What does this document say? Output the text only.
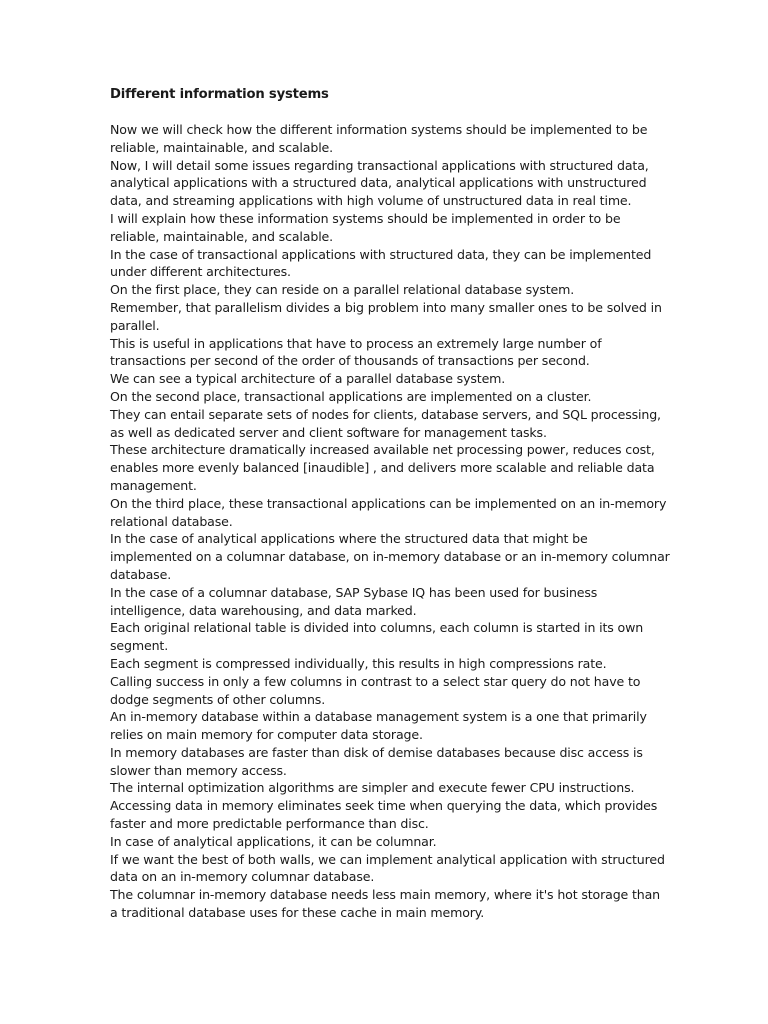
Different information systems

Now we will check how the different information systems should be implemented to be reliable, maintainable, and scalable.

Now, I will detail some issues regarding transactional applications with structured data, analytical applications with a structured data, analytical applications with unstructured data, and streaming applications with high volume of unstructured data in real time.

I will explain how these information systems should be implemented in order to be reliable, maintainable, and scalable.

In the case of transactional applications with structured data, they can be implemented under different architectures.

On the first place, they can reside on a parallel relational database system.

Remember, that parallelism divides a big problem into many smaller ones to be solved in parallel.

This is useful in applications that have to process an extremely large number of transactions per second of the order of thousands of transactions per second.

We can see a typical architecture of a parallel database system.

On the second place, transactional applications are implemented on a cluster.

They can entail separate sets of nodes for clients, database servers, and SQL processing, as well as dedicated server and client software for management tasks.

These architecture dramatically increased available net processing power, reduces cost, enables more evenly balanced [inaudible] , and delivers more scalable and reliable data management.

On the third place, these transactional applications can be implemented on an in-memory relational database.

In the case of analytical applications where the structured data that might be implemented on a columnar database, on in-memory database or an in-memory columnar database.

In the case of a columnar database, SAP Sybase IQ has been used for business intelligence, data warehousing, and data marked.

Each original relational table is divided into columns, each column is started in its own segment.

Each segment is compressed individually, this results in high compressions rate.

Calling success in only a few columns in contrast to a select star query do not have to dodge segments of other columns.

An in-memory database within a database management system is a one that primarily relies on main memory for computer data storage.

In memory databases are faster than disk of demise databases because disc access is slower than memory access.

The internal optimization algorithms are simpler and execute fewer CPU instructions.

Accessing data in memory eliminates seek time when querying the data, which provides faster and more predictable performance than disc.

In case of analytical applications, it can be columnar.

If we want the best of both walls, we can implement analytical application with structured data on an in-memory columnar database.

The columnar in-memory database needs less main memory, where it's hot storage than a traditional database uses for these cache in main memory.
